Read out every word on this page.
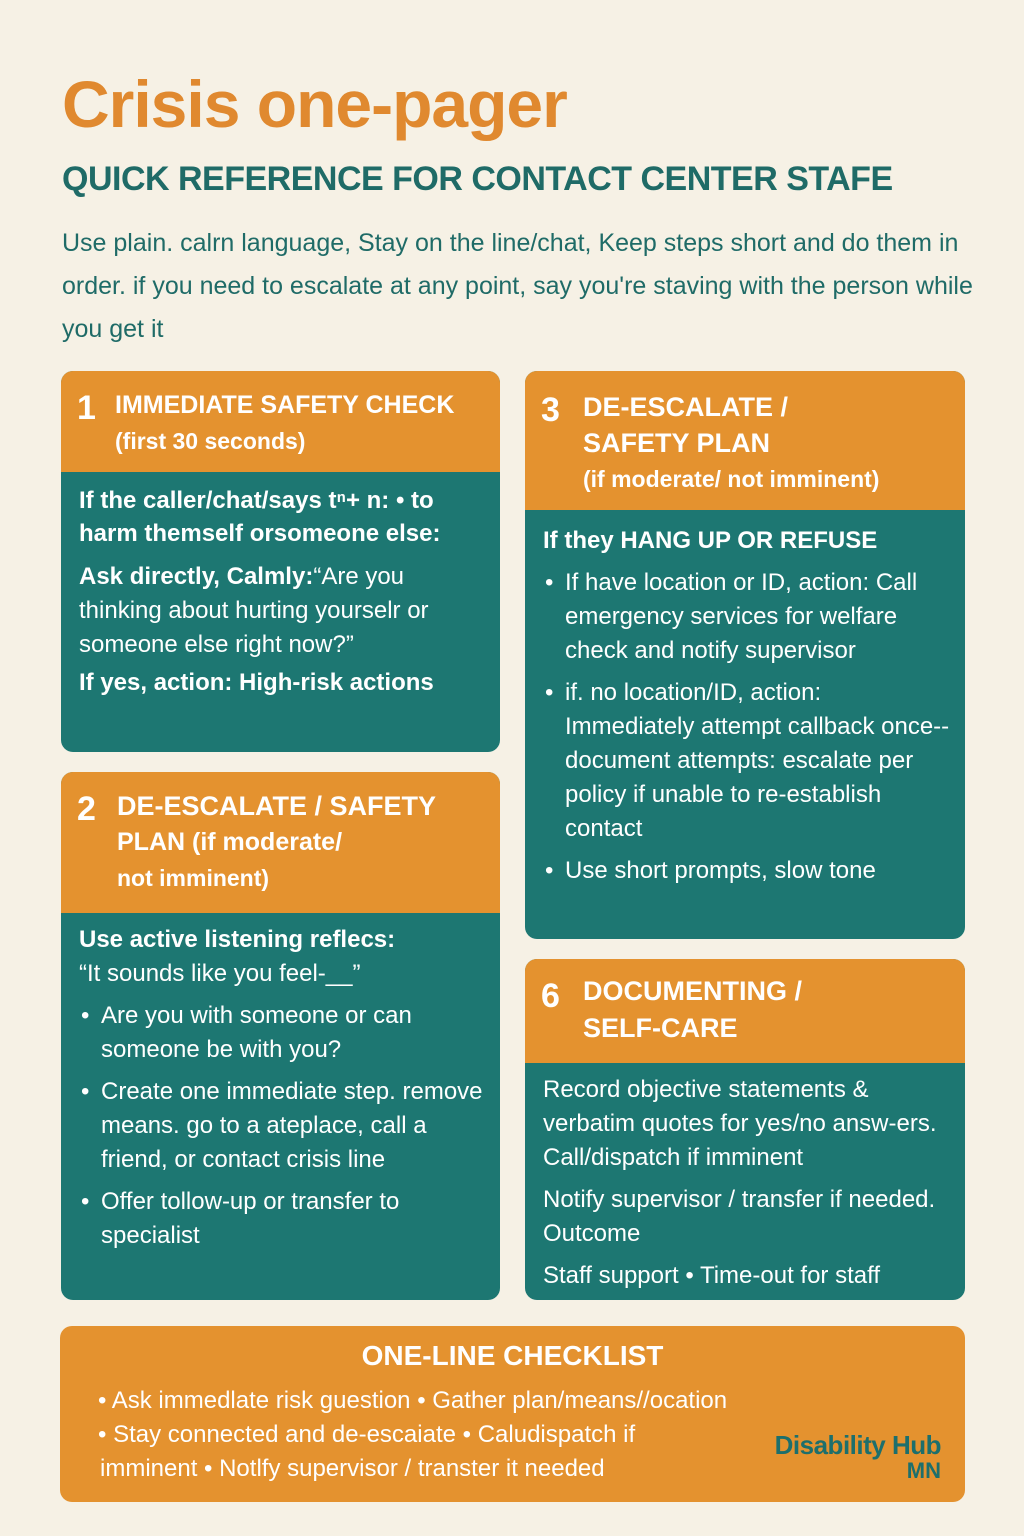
Crisis one-pager
QUICK REFERENCE FOR CONTACT CENTER STAFE
Use plain. calrn language, Stay on the line/chat, Keep steps short and do them in order. if you need to escalate at any point, say you're staving with the person while you get it
1 IMMEDIATE SAFETY CHECK
(first 30 seconds)

If the caller/chat/says tⁿ+ n: • to harm themself orsomeone else:

Ask directly, Calmly:“Are you thinking about hurting yourselr or someone else right now?”

If yes, action: High-risk actions

2 DE-ESCALATE / SAFETY
PLAN (if moderate/
not imminent)

Use active listening reflecs:

“It sounds like you feel-__”

• Are you with someone or can someone be with you?
• Create one immediate step. remove means. go to a ateplace, call a friend, or contact crisis line
• Offer tollow-up or transfer to specialist
3 DE-ESCALATE /
SAFETY PLAN
(if moderate/ not imminent)

If they HANG UP OR REFUSE

• If have location or ID, action: Call emergency services for welfare check and notify supervisor
• if. no location/ID, action: Immediately attempt callback once--document attempts: escalate per policy if unable to re-establish contact
• Use short prompts, slow tone
6 DOCUMENTING /
SELF-CARE

Record objective statements & verbatim quotes for yes/no answ-ers. Call/dispatch if imminent

Notify supervisor / transfer if needed. Outcome

Staff support • Time-out for staff

ONE-LINE CHECKLIST
• Ask immedlate risk guestion • Gather plan/means//ocation
• Stay connected and de-escaiate • Caludispatch if
imminent • Notlfy supervisor / transter it needed
Disability Hub
MN
